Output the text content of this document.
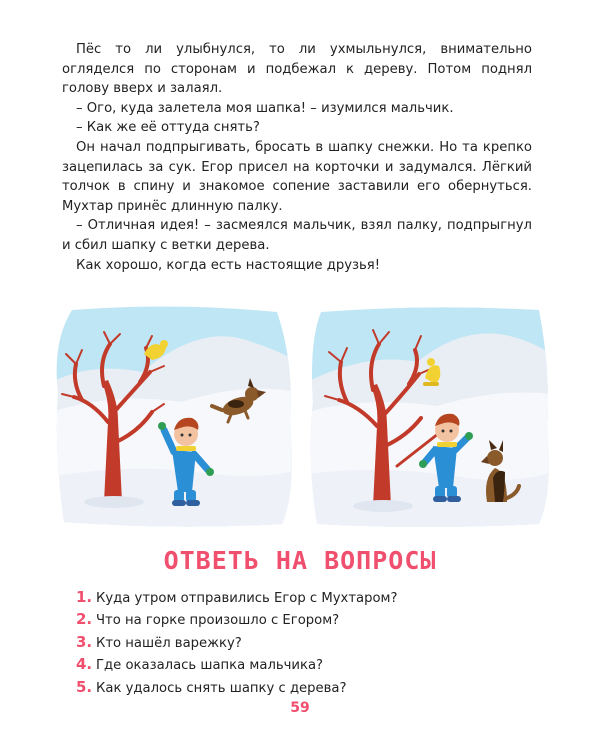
Пёс то ли улыбнулся, то ли ухмыльнулся, внимательно огляделся по сторонам и подбежал к дереву. Потом поднял голову вверх и залаял.

– Ого, куда залетела моя шапка! – изумился мальчик.

– Как же её оттуда снять?

Он начал подпрыгивать, бросать в шапку снежки. Но та крепко зацепилась за сук. Егор присел на корточки и задумался. Лёгкий толчок в спину и знакомое сопение заставили его обернуться. Мухтар принёс длинную палку.

– Отличная идея! – засмеялся мальчик, взял палку, подпрыгнул и сбил шапку с ветки дерева.

Как хорошо, когда есть настоящие друзья!

ОТВЕТЬ НА ВОПРОСЫ
1. Куда утром отправились Егор с Мухтаром?
2. Что на горке произошло с Егором?
3. Кто нашёл варежку?
4. Где оказалась шапка мальчика?
5. Как удалось снять шапку с дерева?
59
